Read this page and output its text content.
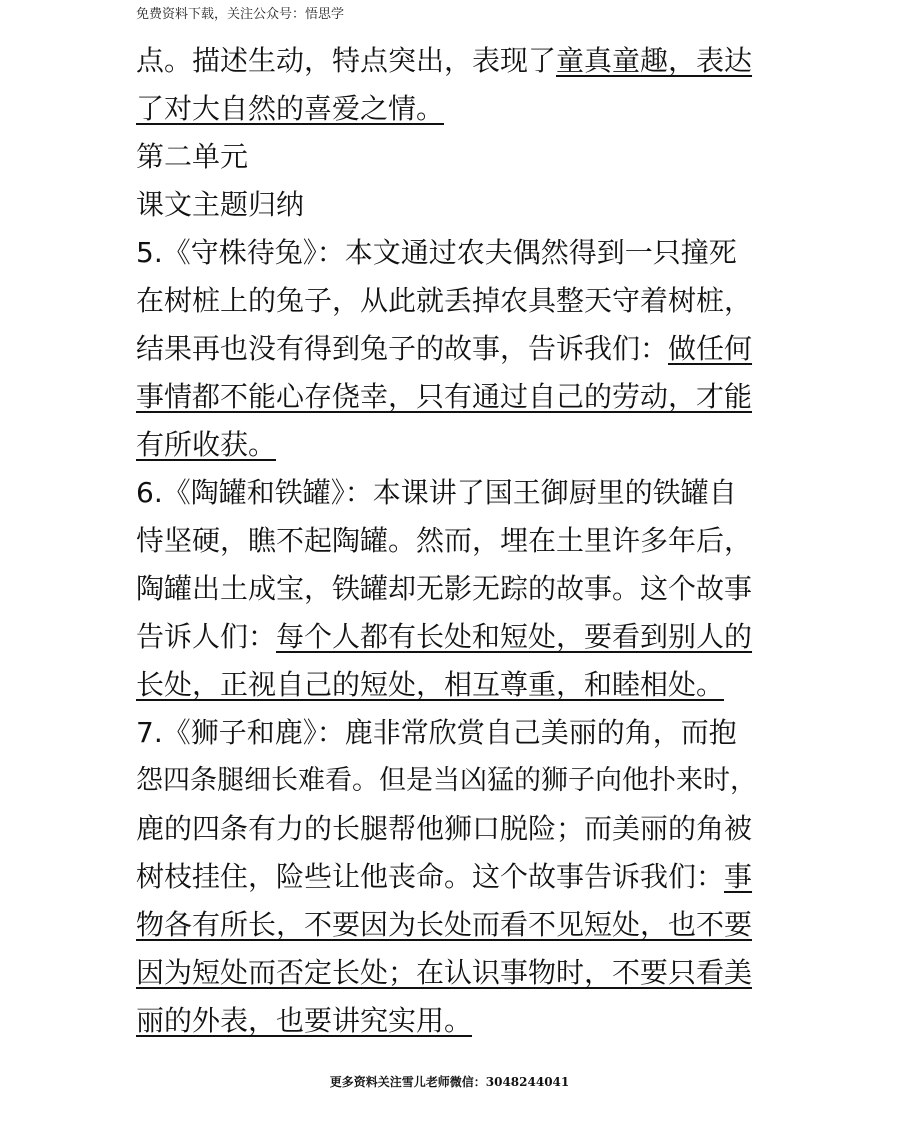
免费资料下载，关注公众号：悟思学
点。描述生动，特点突出，表现了童真童趣，表达
了对大自然的喜爱之情。
第二单元
课文主题归纳
5.《守株待兔》：本文通过农夫偶然得到一只撞死
在树桩上的兔子，从此就丢掉农具整天守着树桩，
结果再也没有得到兔子的故事，告诉我们：做任何
事情都不能心存侥幸，只有通过自己的劳动，才能
有所收获。
6.《陶罐和铁罐》：本课讲了国王御厨里的铁罐自
恃坚硬，瞧不起陶罐。然而，埋在土里许多年后，
陶罐出土成宝，铁罐却无影无踪的故事。这个故事
告诉人们：每个人都有长处和短处，要看到别人的
长处，正视自己的短处，相互尊重，和睦相处。
7.《狮子和鹿》：鹿非常欣赏自己美丽的角，而抱
怨四条腿细长难看。但是当凶猛的狮子向他扑来时，
鹿的四条有力的长腿帮他狮口脱险；而美丽的角被
树枝挂住，险些让他丧命。这个故事告诉我们：事
物各有所长，不要因为长处而看不见短处，也不要
因为短处而否定长处；在认识事物时，不要只看美
丽的外表，也要讲究实用。
更多资料关注雪儿老师微信：3048244041
